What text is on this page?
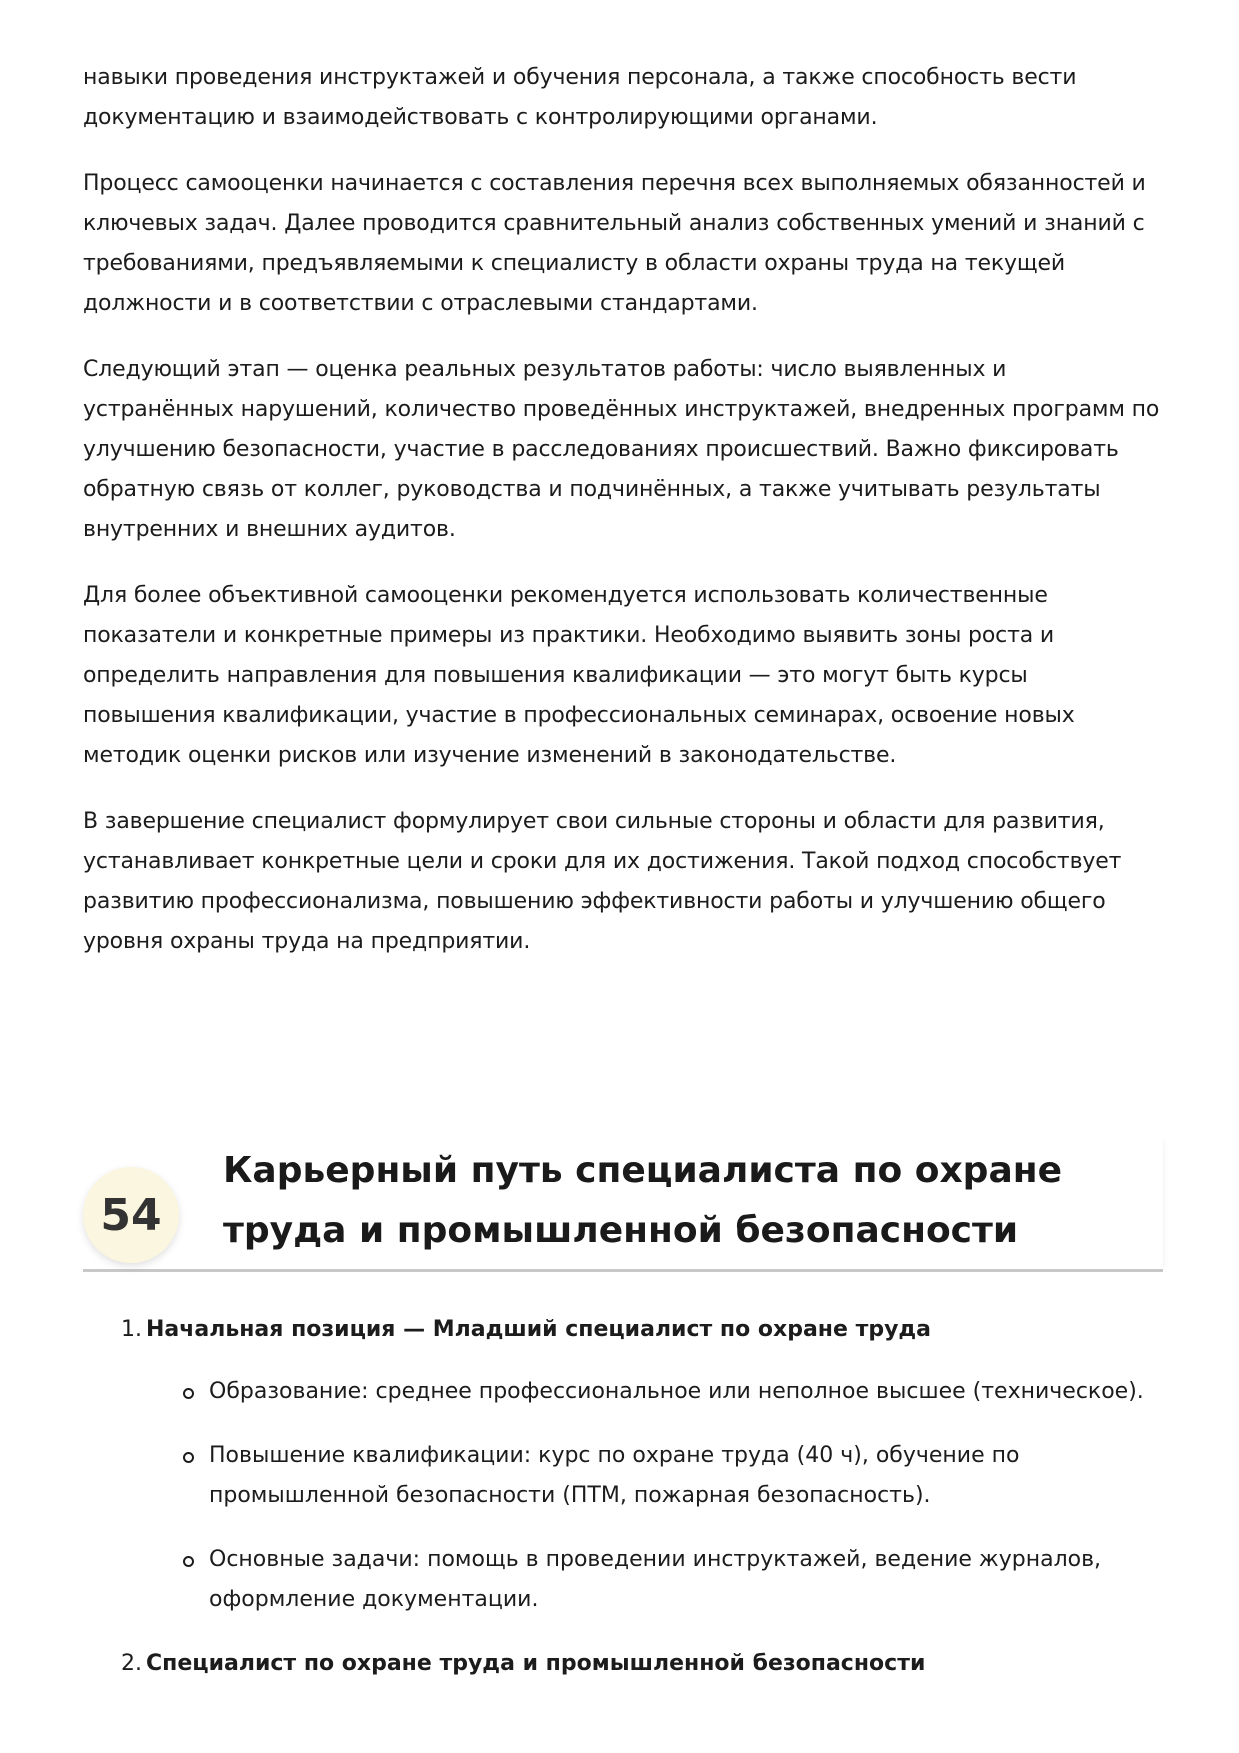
навыки проведения инструктажей и обучения персонала, а также способность вести документацию и взаимодействовать с контролирующими органами.

Процесс самооценки начинается с составления перечня всех выполняемых обязанностей и ключевых задач. Далее проводится сравнительный анализ собственных умений и знаний с требованиями, предъявляемыми к специалисту в области охраны труда на текущей должности и в соответствии с отраслевыми стандартами.

Следующий этап — оценка реальных результатов работы: число выявленных и устранённых нарушений, количество проведённых инструктажей, внедренных программ по улучшению безопасности, участие в расследованиях происшествий. Важно фиксировать обратную связь от коллег, руководства и подчинённых, а также учитывать результаты внутренних и внешних аудитов.

Для более объективной самооценки рекомендуется использовать количественные показатели и конкретные примеры из практики. Необходимо выявить зоны роста и определить направления для повышения квалификации — это могут быть курсы повышения квалификации, участие в профессиональных семинарах, освоение новых методик оценки рисков или изучение изменений в законодательстве.

В завершение специалист формулирует свои сильные стороны и области для развития, устанавливает конкретные цели и сроки для их достижения. Такой подход способствует развитию профессионализма, повышению эффективности работы и улучшению общего уровня охраны труда на предприятии.

54
Карьерный путь специалиста по охране труда и промышленной безопасности
1. Начальная позиция — Младший специалист по охране труда
Образование: среднее профессиональное или неполное высшее (техническое).
Повышение квалификации: курс по охране труда (40 ч), обучение по промышленной безопасности (ПТМ, пожарная безопасность).
Основные задачи: помощь в проведении инструктажей, ведение журналов, оформление документации.
2. Специалист по охране труда и промышленной безопасности
